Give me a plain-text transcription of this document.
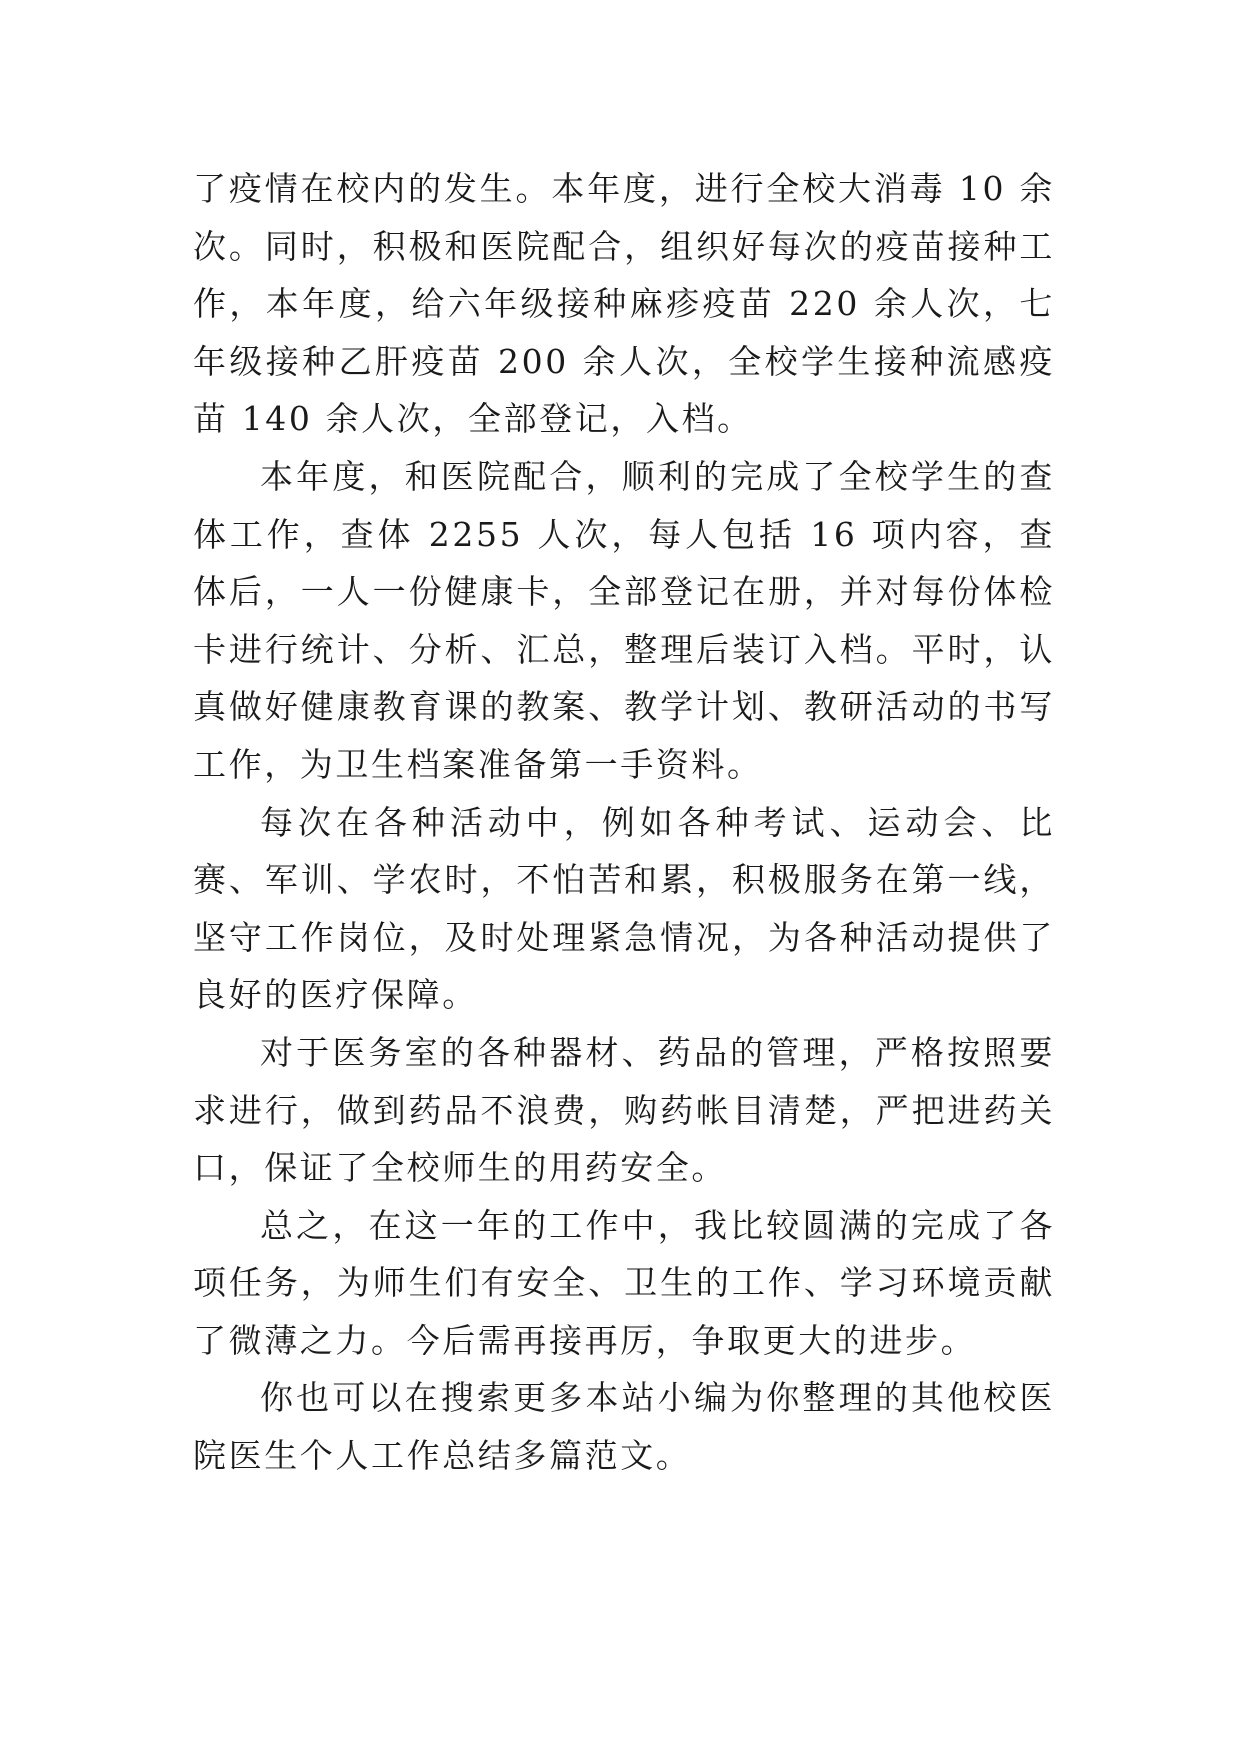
了疫情在校内的发生。本年度，进行全校大消毒 10 余次。同时，积极和医院配合，组织好每次的疫苗接种工作，本年度，给六年级接种麻疹疫苗 220 余人次，七年级接种乙肝疫苗 200 余人次，全校学生接种流感疫苗 140 余人次，全部登记，入档。

本年度，和医院配合，顺利的完成了全校学生的查体工作，查体 2255 人次，每人包括 16 项内容，查体后，一人一份健康卡，全部登记在册，并对每份体检卡进行统计、分析、汇总，整理后装订入档。平时，认真做好健康教育课的教案、教学计划、教研活动的书写工作，为卫生档案准备第一手资料。

每次在各种活动中，例如各种考试、运动会、比赛、军训、学农时，不怕苦和累，积极服务在第一线，坚守工作岗位，及时处理紧急情况，为各种活动提供了良好的医疗保障。

对于医务室的各种器材、药品的管理，严格按照要求进行，做到药品不浪费，购药帐目清楚，严把进药关口，保证了全校师生的用药安全。

总之，在这一年的工作中，我比较圆满的完成了各项任务，为师生们有安全、卫生的工作、学习环境贡献了微薄之力。今后需再接再厉，争取更大的进步。

你也可以在搜索更多本站小编为你整理的其他校医院医生个人工作总结多篇范文。
